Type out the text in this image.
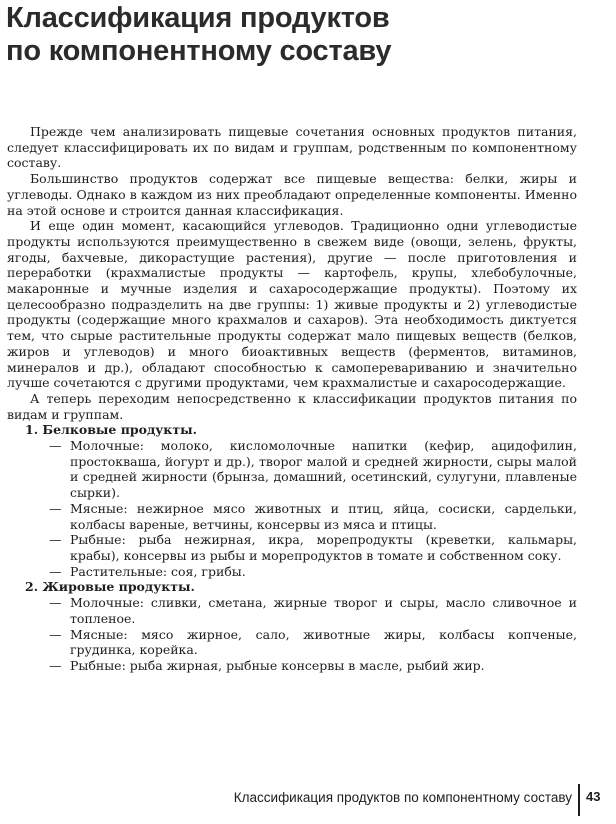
Классификация продуктов
по компонентному составу

Прежде чем анализировать пищевые сочетания основных продуктов питания, следует классифицировать их по видам и группам, родственным по компонентному составу.

Большинство продуктов содержат все пищевые вещества: белки, жиры и углеводы. Однако в каждом из них преобладают определенные компоненты. Именно на этой основе и строится данная классификация.

И еще один момент, касающийся углеводов. Традиционно одни углеводистые продукты используются преимущественно в свежем виде (овощи, зелень, фрукты, ягоды, бахчевые, дикорастущие растения), другие — после приготовления и переработки (крахмалистые продукты — картофель, крупы, хлебобулочные, макаронные и мучные изделия и сахаросодержащие продукты). Поэтому их целесообразно подразделить на две группы: 1) живые продукты и 2) углеводистые продукты (содержащие много крахмалов и сахаров). Эта необходимость диктуется тем, что сырые растительные продукты содержат мало пищевых веществ (белков, жиров и углеводов) и много биоактивных веществ (ферментов, витаминов, минералов и др.), обладают способностью к самоперевариванию и значительно лучше сочетаются с другими продуктами, чем крахмалистые и сахаросодержащие.

А теперь переходим непосредственно к классификации продуктов питания по видам и группам.

1. Белковые продукты.

— Молочные: молоко, кисломолочные напитки (кефир, ацидофилин, простокваша, йогурт и др.), творог малой и средней жирности, сыры малой и средней жирности (брынза, домашний, осетинский, сулугуни, плавленые сырки).

— Мясные: нежирное мясо животных и птиц, яйца, сосиски, сардельки, колбасы вареные, ветчины, консервы из мяса и птицы.

— Рыбные: рыба нежирная, икра, морепродукты (креветки, кальмары, крабы), консервы из рыбы и морепродуктов в томате и собственном соку.

— Растительные: соя, грибы.

2. Жировые продукты.

— Молочные: сливки, сметана, жирные творог и сыры, масло сливочное и топленое.

— Мясные: мясо жирное, сало, животные жиры, колбасы копченые, грудинка, корейка.

— Рыбные: рыба жирная, рыбные консервы в масле, рыбий жир.

Классификация продуктов по компонентному составу 43
